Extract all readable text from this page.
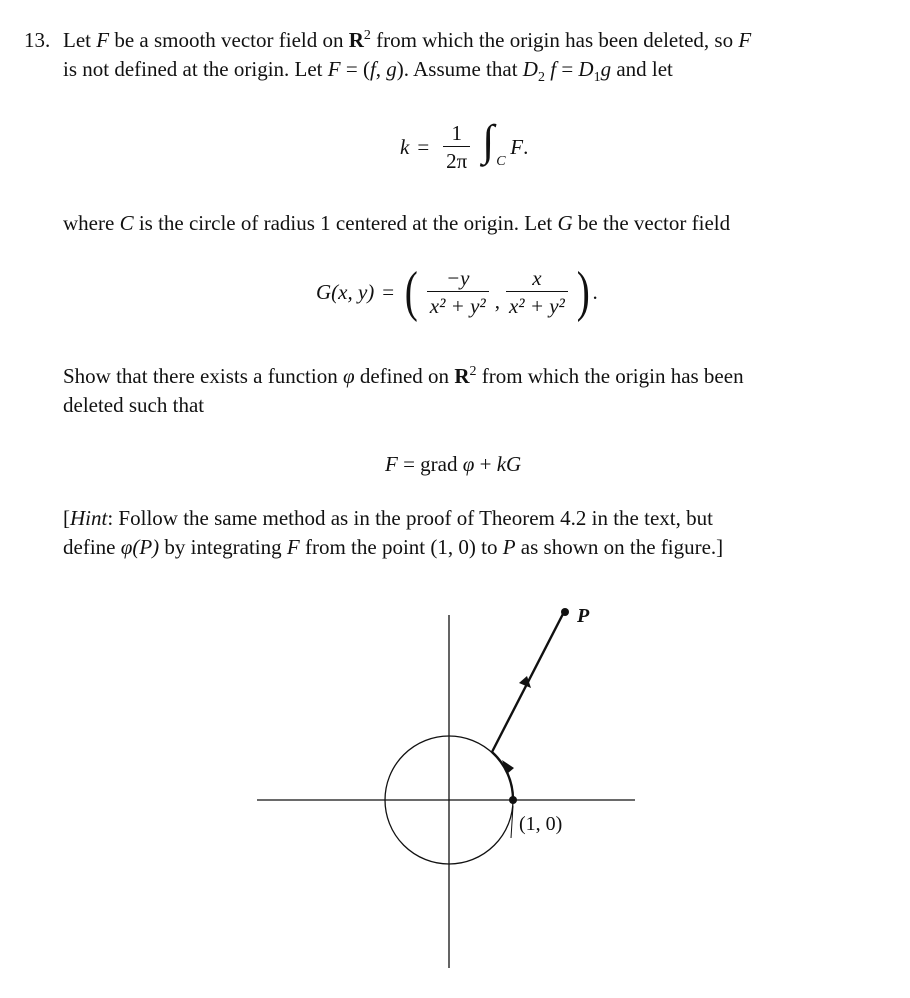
13. Let F be a smooth vector field on $R^2$ from which the origin has been deleted, so F
is not defined at the origin. Let F = (f, g). Assume that $D_2$ $f = D_1g$ and let
$k = \frac{1}{2\pi}$ ∫ C
F .
where C is the circle of radius 1 centered at the origin. Let G be the vector field
G(x, y) = ( $\frac{-y}{\text{x² + y²}}$ , $\frac{x}{\text{x² + y²}}$ ) .
Show that there exists a function φ defined on $R^2$ from which the origin has been
deleted such that
F = grad φ + kG
[Hint: Follow the same method as in the proof of Theorem 4.2 in the text, but
define φ(P) by integrating F from the point (1, 0) to P as shown on the figure.]
P
(1, 0)
